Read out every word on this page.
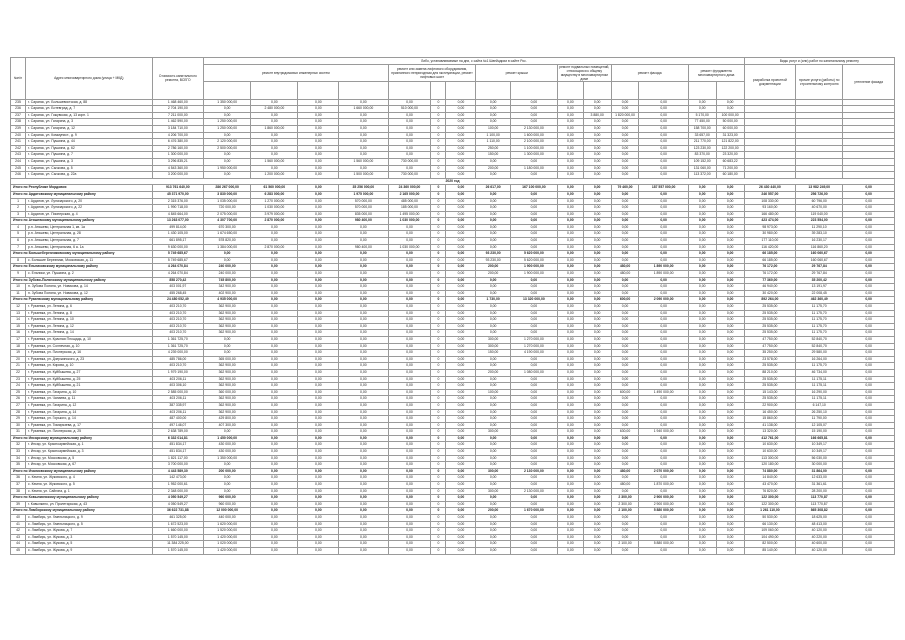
№п/п	Адрес многоквартирного дома (улица + МКД)	Стоимость капитального ремонта, ВСЕГО	Либо, устанавливаемые на дни, с сайта №1 Швейцарии в сайте Рос.															Виды услуг и (или) работ по капитальному ремонту		
			ремонт внутридомовых инженерных систем				ремонт или замена лифтового оборудования, признанного непригодным для эксплуатации, ремонт лифтовых шахт			ремонт крыши		ремонт подвальных помещений, относящихся к общему имуществу в многоквартирном доме		ремонт фасада		ремонт фундамента многоквартирного дома		разработка проектной документации	прочие услуги (работы) по строительному контролю	утепление фасада

235	г. Саранск, ул. Большевистская, д. 88	1 468 460,00	1 350 000,00	0,00	0,00	0,00	0,00	0	0,00	0,00	0,00	0,00	0,00	0,00	0,00	0,00	0,00			
236	г. Саранск, ул. Ботевград, д. 7	2 704 190,00	0,00	2 480 000,00	0,00	1 660 000,00	510 000,00	0	0,00	0,00	0,00	0,00	0,00	0,00	0,00	0,00	0,00			
237	г. Саранск, ул. Гожувская, д. 13 корп. 1	7 211 000,00	0,00	0,00	0,00	0,00	0,00	0	0,00	0,00	0,00	0,00	3 880,00	1 820 000,00	0,00	5 170,00	100 000,00			
238	г. Саранск, ул. Гагарина, д. 3	1 462 590,00	1 250 000,00	0,00	0,00	0,00	0,00	0	0,00	0,00	0,00	0,00	0,00	0,00	0,00	77 450,00	50 000,00			
239	г. Саранск, ул. Гагарина, д. 12	3 184 710,00	1 250 000,00	1 860 000,00	0,00	0,00	0,00	0	0,00	100,00	2 130 000,00	0,00	0,00	0,00	0,00	158 700,00	60 000,00			
240	г. Саранск, ул. Коммунист., д. 9	4 206 700,00	0,00	0,00	0,00	0,00	0,00	0	0,00	1 100,00	1 600 000,00	0,00	0,00	0,00	0,00	33 657,00	31 323,00			
241	г. Саранск, ул. Пушкина, д. 44	6 476 380,00	2 120 000,00	0,00	0,00	0,00	0,00	0	0,00	1 110,00	2 100 000,00	0,00	0,00	0,00	0,00	211 770,00	121 822,00			
242	г. Саранск, ул. Пушкина, д. 62	2 786 160,00	2 500 000,00	0,00	0,00	0,00	0,00	0	0,00	250,00	1 100 000,00	0,00	0,00	0,00	0,00	123 230,00	122 200,00			
243	г. Саранск, ул. Пушкина, д. 7	1 300 000,00	0,00	0,00	0,00	0,00	0,00	0	0,00	150,00	1 300 000,00	0,00	0,00	0,00	0,00	83 370,00	23 320,00			
244	г. Саранск, ул. Пушкина, д. 3	3 296 835,21	0,00	1 560 000,00	0,00	1 560 000,00	730 000,00	0	0,00	0,00	0,00	0,00	0,00	0,00	0,00	109 152,00	60 683,22			
245	г. Саранск, ул. Сычкова, д. 5	4 543 360,00	1 950 000,00	0,00	0,00	0,00	0,00	0	0,00	200,00	1 180 000,00	0,00	0,00	0,00	0,00	131 060,00	71 200,00			
246	г. Саранск, ул. Сычкова, д. 22а	3 200 000,00	0,00	1 200 000,00	0,00	1 500 000,00	730 000,00	0	0,00	0,00	0,00	0,00	0,00	0,00	0,00	113 372,00	60 180,00			
2020 год																				
Итого по Республике Мордовия		913 761 640,00	286 267 000,00	61 560 000,00	0,00	35 256 000,00	24 360 000,00	0	0,00	26 617,00	167 100 000,00	0,00	0,00	79 460,00	187 557 000,00	0,00	0,00	26 430 440,00	13 982 249,00	0,00
Итого по Ардатовскому муниципальному району		45 371 970,00	3 830 000,00	6 283 000,00	0,00	1 975 000,00	2 165 000,00	0	0,00	0,00	0,00	0,00	0,00	0,00	0,00	0,00	0,00	246 557,00	256 726,00	0,00
1	г. Ардатов, ул. Луначарского, д. 20	2 315 376,00	1 035 000,00	1 270 000,00	0,00	570 000,00	485 000,00	0	0,00	0,00	0,00	0,00	0,00	0,00	0,00	0,00	0,00	108 330,00	60 796,00	0,00
2	г. Ардатов, ул. Луначарского, д. 22	1 990 718,00	720 000,00	1 030 000,00	0,00	570 000,00	185 000,00	0	0,00	0,00	0,00	0,00	0,00	0,00	0,00	0,00	0,00	93 160,00	40 670,00	0,00
3	г. Ардатов, ул. Пионерская, д. 4	4 845 664,00	2 075 000,00	3 979 000,00	0,00	835 000,00	1 495 000,00	0	0,00	0,00	0,00	0,00	0,00	0,00	0,00	0,00	0,00	166 480,00	119 040,00	0,00
Итого по Атяшевскому муниципальному району		13 263 077,00	4 307 700,00	2 870 000,00	0,00	980 400,00	1 030 000,00	0	0,00	0,00	0,00	0,00	0,00	0,00	0,00	0,00	0,00	423 474,00	223 554,00	0,00
4	р.п. Атяшево, Центральная 1, кв. 1а	499 814,00	670 300,00	0,00	0,00	0,00	0,00	0	0,00	0,00	0,00	0,00	0,00	0,00	0,00	0,00	0,00	98 973,00	11 290,10	0,00
5	р.п. Атяшево, Центральная, д. 28	1 430 105,00	1 674 650,00	0,00	0,00	0,00	0,00	0	0,00	0,00	0,00	0,00	0,00	0,00	0,00	0,00	0,00	30 980,00	39 283,10	0,00
6	р.п. Атяшево, Центральная, д. 7	661 895,17	578 820,00	0,00	0,00	0,00	0,00	0	0,00	0,00	0,00	0,00	0,00	0,00	0,00	0,00	0,00	177 110,00	16 230,17	0,00
7	р.п. Атяшево, Центральная, 6 а. 1а	9 630 000,00	1 384 000,00	2 870 000,00	0,00	980 400,00	1 030 000,00	0	0,00	0,00	0,00	0,00	0,00	0,00	0,00	0,00	0,00	116 420,00	116 860,20	0,00
Итого по Большеберезниковскому муниципальному району		5 749 685,67	0,00	0,00	0,00	0,00	0,00	0	0,00	93 230,00	5 620 000,00	0,00	0,00	0,00	0,00	0,00	0,00	66 185,00	160 060,67	0,00
8	с. Большие Березники, Московская, д. 11	5 749 685,67	0,00	0,00	0,00	0,00	0,00	0	0,00	93 230,00	5 620 000,00	0,00	0,00	0,00	0,00	0,00	0,00	66 185,00	160 060,67	0,00
Итого по Ельниковскому муниципальному району		4 264 070,84	240 000,00	0,00	0,00	0,00	0,00	0	0,00	200,00	1 900 000,00	0,00	0,00	480,00	1 890 000,00	0,00	0,00	76 172,00	29 767,84	0,00
9	с. Ельники, ул. Пушкина, д. 2	4 264 070,84	240 000,00	0,00	0,00	0,00	0,00	0	0,00	200,00	1 900 000,00	0,00	0,00	480,00	1 890 000,00	0,00	0,00	76 172,00	29 767,84	0,00
Итого по Зубово-Полянскому муниципальному району		858 270,42	745 800,00	0,00	0,00	0,00	0,00	0	0,00	0,00	0,00	0,00	0,00	0,00	0,00	0,00	0,00	77 360,00	35 200,42	0,00
10	п. Зубова Поляна, ул. Новикова, д. 14	403 001,97	342 900,00	0,00	0,00	0,00	0,00	0	0,00	0,00	0,00	0,00	0,00	0,00	0,00	0,00	0,00	46 940,00	13 191,97	0,00
11	п. Зубова Поляна, ул. Новикова, д. 12	455 268,45	402 900,00	0,00	0,00	0,00	0,00	0	0,00	0,00	0,00	0,00	0,00	0,00	0,00	0,00	0,00	30 420,00	22 008,45	0,00
Итого по Рузаевскому муниципальному району		24 480 052,49	4 935 000,00	0,00	0,00	0,00	0,00	0	0,00	1 730,00	13 320 000,00	0,00	0,00	600,00	2 090 000,00	0,00	0,00	892 264,00	462 360,49	0,00
12	г. Рузаевка, ул. Ленина, д. 6	403 210,70	362 900,00	0,00	0,00	0,00	0,00	0	0,00	0,00	0,00	0,00	0,00	0,00	0,00	0,00	0,00	25 535,00	11 175,70	0,00
13	г. Рузаевка, ул. Ленина, д. 8	403 210,70	362 900,00	0,00	0,00	0,00	0,00	0	0,00	0,00	0,00	0,00	0,00	0,00	0,00	0,00	0,00	25 535,00	11 175,70	0,00
14	г. Рузаевка, ул. Ленина, д. 10	403 210,70	362 900,00	0,00	0,00	0,00	0,00	0	0,00	0,00	0,00	0,00	0,00	0,00	0,00	0,00	0,00	25 535,00	11 175,70	0,00
15	г. Рузаевка, ул. Ленина, д. 12	403 210,70	362 900,00	0,00	0,00	0,00	0,00	0	0,00	0,00	0,00	0,00	0,00	0,00	0,00	0,00	0,00	25 535,00	11 175,70	0,00
16	г. Рузаевка, ул. Ленина, д. 14	403 210,70	362 900,00	0,00	0,00	0,00	0,00	0	0,00	0,00	0,00	0,00	0,00	0,00	0,00	0,00	0,00	25 535,00	11 175,70	0,00
17	г. Рузаевка, ул. Красная Площадь, д. 10	1 361 725,70	0,00	0,00	0,00	0,00	0,00	0	0,00	300,00	1 270 000,00	0,00	0,00	0,00	0,00	0,00	0,00	47 750,00	52 840,70	0,00
18	г. Рузаевка, ул. Солнечная, д. 10	1 361 725,70	0,00	0,00	0,00	0,00	0,00	0	0,00	300,00	1 270 000,00	0,00	0,00	0,00	0,00	0,00	0,00	47 750,00	52 840,70	0,00
19	г. Рузаевка, ул. Пионерская, д. 16	4 239 000,00	0,00	0,00	0,00	0,00	0,00	0	0,00	150,00	4 190 000,00	0,00	0,00	0,00	0,00	0,00	0,00	35 250,00	29 580,00	0,00
20	г. Рузаевка, ул. Дзержинского, д. 23	485 786,00	365 000,00	0,00	0,00	0,00	0,00	0	0,00	0,00	0,00	0,00	0,00	0,00	0,00	0,00	0,00	23 578,00	16 264,00	0,00
21	г. Рузаевка, ул. Кирова, д. 10	403 210,70	362 900,00	0,00	0,00	0,00	0,00	0	0,00	0,00	0,00	0,00	0,00	0,00	0,00	0,00	0,00	25 535,00	11 175,70	0,00
22	г. Рузаевка, ул. Куйбышева, д. 27	1 979 190,00	362 900,00	0,00	0,00	0,00	0,00	0	0,00	200,00	1 080 000,00	0,00	0,00	0,00	0,00	0,00	0,00	88 210,00	46 734,00	0,00
23	г. Рузаевка, ул. Куйбышева, д. 25	403 206,11	362 900,00	0,00	0,00	0,00	0,00	0	0,00	0,00	0,00	0,00	0,00	0,00	0,00	0,00	0,00	25 535,00	11 175,11	0,00
24	г. Рузаевка, ул. Куйбышева, д. 21	403 306,10	362 900,00	0,00	0,00	0,00	0,00	0	0,00	0,00	0,00	0,00	0,00	0,00	0,00	0,00	0,00	25 535,00	11 175,11	0,00
25	г. Рузаевка, ул. Гагарина, д. 10	2 585 000,00	360 000,00	0,00	0,00	0,00	0,00	0	0,00	100,00	0,00	0,00	0,00	600,00	1 490 000,00	0,00	0,00	15 143,00	16 290,00	0,00
26	г. Рузаевка, ул. Чапаева, д. 11	403 206,11	362 900,00	0,00	0,00	0,00	0,00	0	0,00	0,00	0,00	0,00	0,00	0,00	0,00	0,00	0,00	25 535,00	11 175,11	0,00
27	г. Рузаевка, ул. Гагарина, д. 12	387 335,97	362 900,00	0,00	0,00	0,00	0,00	0	0,00	0,00	0,00	0,00	0,00	0,00	0,00	0,00	0,00	22 900,00	6 147,10	0,00
28	г. Рузаевка, ул. Гагарина, д. 14	403 206,11	362 900,00	0,00	0,00	0,00	0,00	0	0,00	0,00	0,00	0,00	0,00	0,00	0,00	0,00	0,00	16 450,00	26 250,10	0,00
29	г. Рузаевка, ул. Горького, д. 14	487 400,00	429 800,00	0,00	0,00	0,00	0,00	0	0,00	0,00	0,00	0,00	0,00	0,00	0,00	0,00	0,00	15 860,00	11 790,00	0,00
30	г. Рузаевка, ул. Тимирязева, д. 17	497 146,07	407 300,00	0,00	0,00	0,00	0,00	0	0,00	0,00	0,00	0,00	0,00	0,00	0,00	0,00	0,00	41 138,00	12 105,07	0,00
31	г. Рузаевка, ул. Пионерская, д. 25	2 638 789,00	0,00	0,00	0,00	0,00	0,00	0	0,00	300,00	0,00	0,00	0,00	630,00	1 940 000,00	0,00	0,00	13 320,00	15 190,00	0,00
Итого по Инсарскому муниципальному району		6 332 014,81	1 450 000,00	0,00	0,00	0,00	0,00	0	0,00	0,00	0,00	0,00	0,00	0,00	0,00	0,00	0,00	412 761,00	166 665,81	0,00
32	г. Инсар, ул. Красноармейская, д. 1	451 834,17	430 000,00	0,00	0,00	0,00	0,00	0	0,00	0,00	0,00	0,00	0,00	0,00	0,00	0,00	0,00	10 630,00	10 349,17	0,00
33	г. Инсар, ул. Красноармейская, д. 3	451 834,17	430 000,00	0,00	0,00	0,00	0,00	0	0,00	0,00	0,00	0,00	0,00	0,00	0,00	0,00	0,00	10 630,00	10 349,17	0,00
34	г. Инсар, ул. Московская, д. 5	1 821 117,00	1 350 000,00	0,00	0,00	0,00	0,00	0	0,00	0,00	0,00	0,00	0,00	0,00	0,00	0,00	0,00	113 300,00	56 030,00	0,00
35	г. Инсар, ул. Московская, д. 67	3 700 000,00	0,00	0,00	0,00	0,00	0,00	0	0,00	0,00	0,00	0,00	0,00	0,00	0,00	0,00	0,00	120 180,00	30 000,00	0,00
Итого по Ичалковскому муниципальному району		4 443 589,30	200 000,00	0,00	0,00	0,00	0,00	0	0,00	300,00	2 130 000,00	0,00	0,00	480,00	2 070 000,00	0,00	0,00	74 880,00	31 864,00	0,00
36	с. Кемля, ул. Жуковского, д. 4	142 473,00	0,00	0,00	0,00	0,00	0,00	0	0,00	0,00	0,00	0,00	0,00	0,00	0,00	0,00	0,00	14 840,00	12 633,00	0,00
37	с. Кемля, ул. Жуковского, д. 5	1 952 000,61	0,00	0,00	0,00	0,00	0,00	0	0,00	0,00	0,00	0,00	0,00	480,00	1 870 000,00	0,00	0,00	43 470,00	31 361,61	0,00
38	с. Кемля, ул. Сайгина, д. 1	2 348 000,00	0,00	0,00	0,00	0,00	0,00	0	0,00	300,00	2 130 000,00	0,00	0,00	0,00	0,00	0,00	0,00	76 820,00	28 200,00	0,00
Итого по Ковылкинскому муниципальному району		4 050 549,27	960 000,00	0,00	0,00	0,00	0,00	0	0,00	0,00	0,00	0,00	0,00	2 300,00	2 900 000,00	0,00	0,00	122 300,00	113 770,87	0,00
39	г. Ковылкино, ул. Пролетарская, д. 43	4 050 549,27	960 000,00	0,00	0,00	0,00	0,00	0	0,00	0,00	0,00	0,00	0,00	2 300,00	2 900 000,00	0,00	0,00	122 300,00	113 770,87	0,00
Итого по Лямбирскому муниципальному району		36 622 731,88	12 000 000,00	0,00	0,00	0,00	0,00	0	0,00	200,00	1 670 000,00	0,00	0,00	2 100,00	5 880 000,00	0,00	0,00	1 261 110,00	865 308,82	0,00
40	с. Лямбирь, ул. Хмельницкого, д. 9	461 325,00	440 000,00	0,00	0,00	0,00	0,00	0	0,00	0,00	0,00	0,00	0,00	0,00	0,00	0,00	0,00	50 530,00	18 625,00	0,00
41	с. Лямбирь, ул. Хмельницкого, д. 5	1 672 523,00	1 620 000,00	0,00	0,00	0,00	0,00	0	0,00	0,00	0,00	0,00	0,00	0,00	0,00	0,00	0,00	66 130,00	48 413,00	0,00
42	с. Лямбирь, ул. Жукова, д. 7	1 660 000,00	1 520 000,00	0,00	0,00	0,00	0,00	0	0,00	0,00	0,00	0,00	0,00	0,00	0,00	0,00	0,00	109 060,00	40 120,00	0,00
43	с. Лямбирь, ул. Жукова, д. 3	1 570 145,00	1 420 000,00	0,00	0,00	0,00	0,00	0	0,00	0,00	0,00	0,00	0,00	0,00	0,00	0,00	0,00	104 490,00	40 220,00	0,00
44	с. Лямбирь, ул. Жукова, д. 5	11 384 225,00	1 020 000,00	0,00	0,00	0,00	0,00	0	0,00	0,00	0,00	0,00	0,00	2 100,00	5 880 000,00	0,00	0,00	82 500,00	40 600,00	0,00
45	с. Лямбирь, ул. Жукова, д. 9	1 570 145,00	1 420 000,00	0,00	0,00	0,00	0,00	0	0,00	0,00	0,00	0,00	0,00	0,00	0,00	0,00	0,00	85 140,00	40 120,00	0,00
